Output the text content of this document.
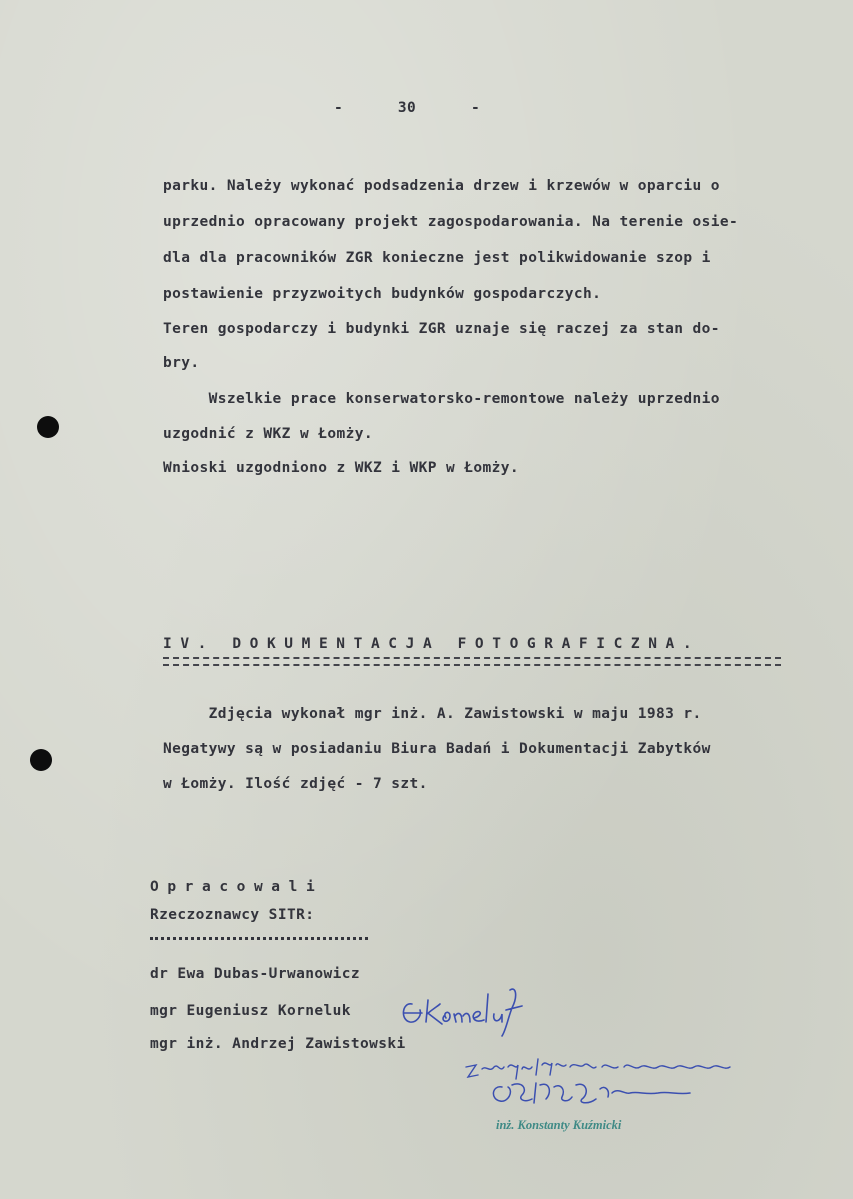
-      30      -
parku. Należy wykonać podsadzenia drzew i krzewów w oparciu o
uprzednio opracowany projekt zagospodarowania. Na terenie osie-
dla dla pracowników ZGR konieczne jest polikwidowanie szop i
postawienie przyzwoitych budynków gospodarczych.
Teren gospodarczy i budynki ZGR uznaje się raczej za stan do-
bry.
Wszelkie prace konserwatorsko-remontowe należy uprzednio
uzgodnić z WKZ w Łomży.
Wnioski uzgodniono z WKZ i WKP w Łomży.
IV. DOKUMENTACJA FOTOGRAFICZNA.
Zdjęcia wykonał mgr inż. A. Zawistowski w maju 1983 r.
Negatywy są w posiadaniu Biura Badań i Dokumentacji Zabytków
w Łomży. Ilość zdjęć - 7 szt.
Opracowali
Rzeczoznawcy SITR:
dr Ewa Dubas-Urwanowicz
mgr Eugeniusz Korneluk
mgr inż. Andrzej Zawistowski
inż. Konstanty Kuźmicki
